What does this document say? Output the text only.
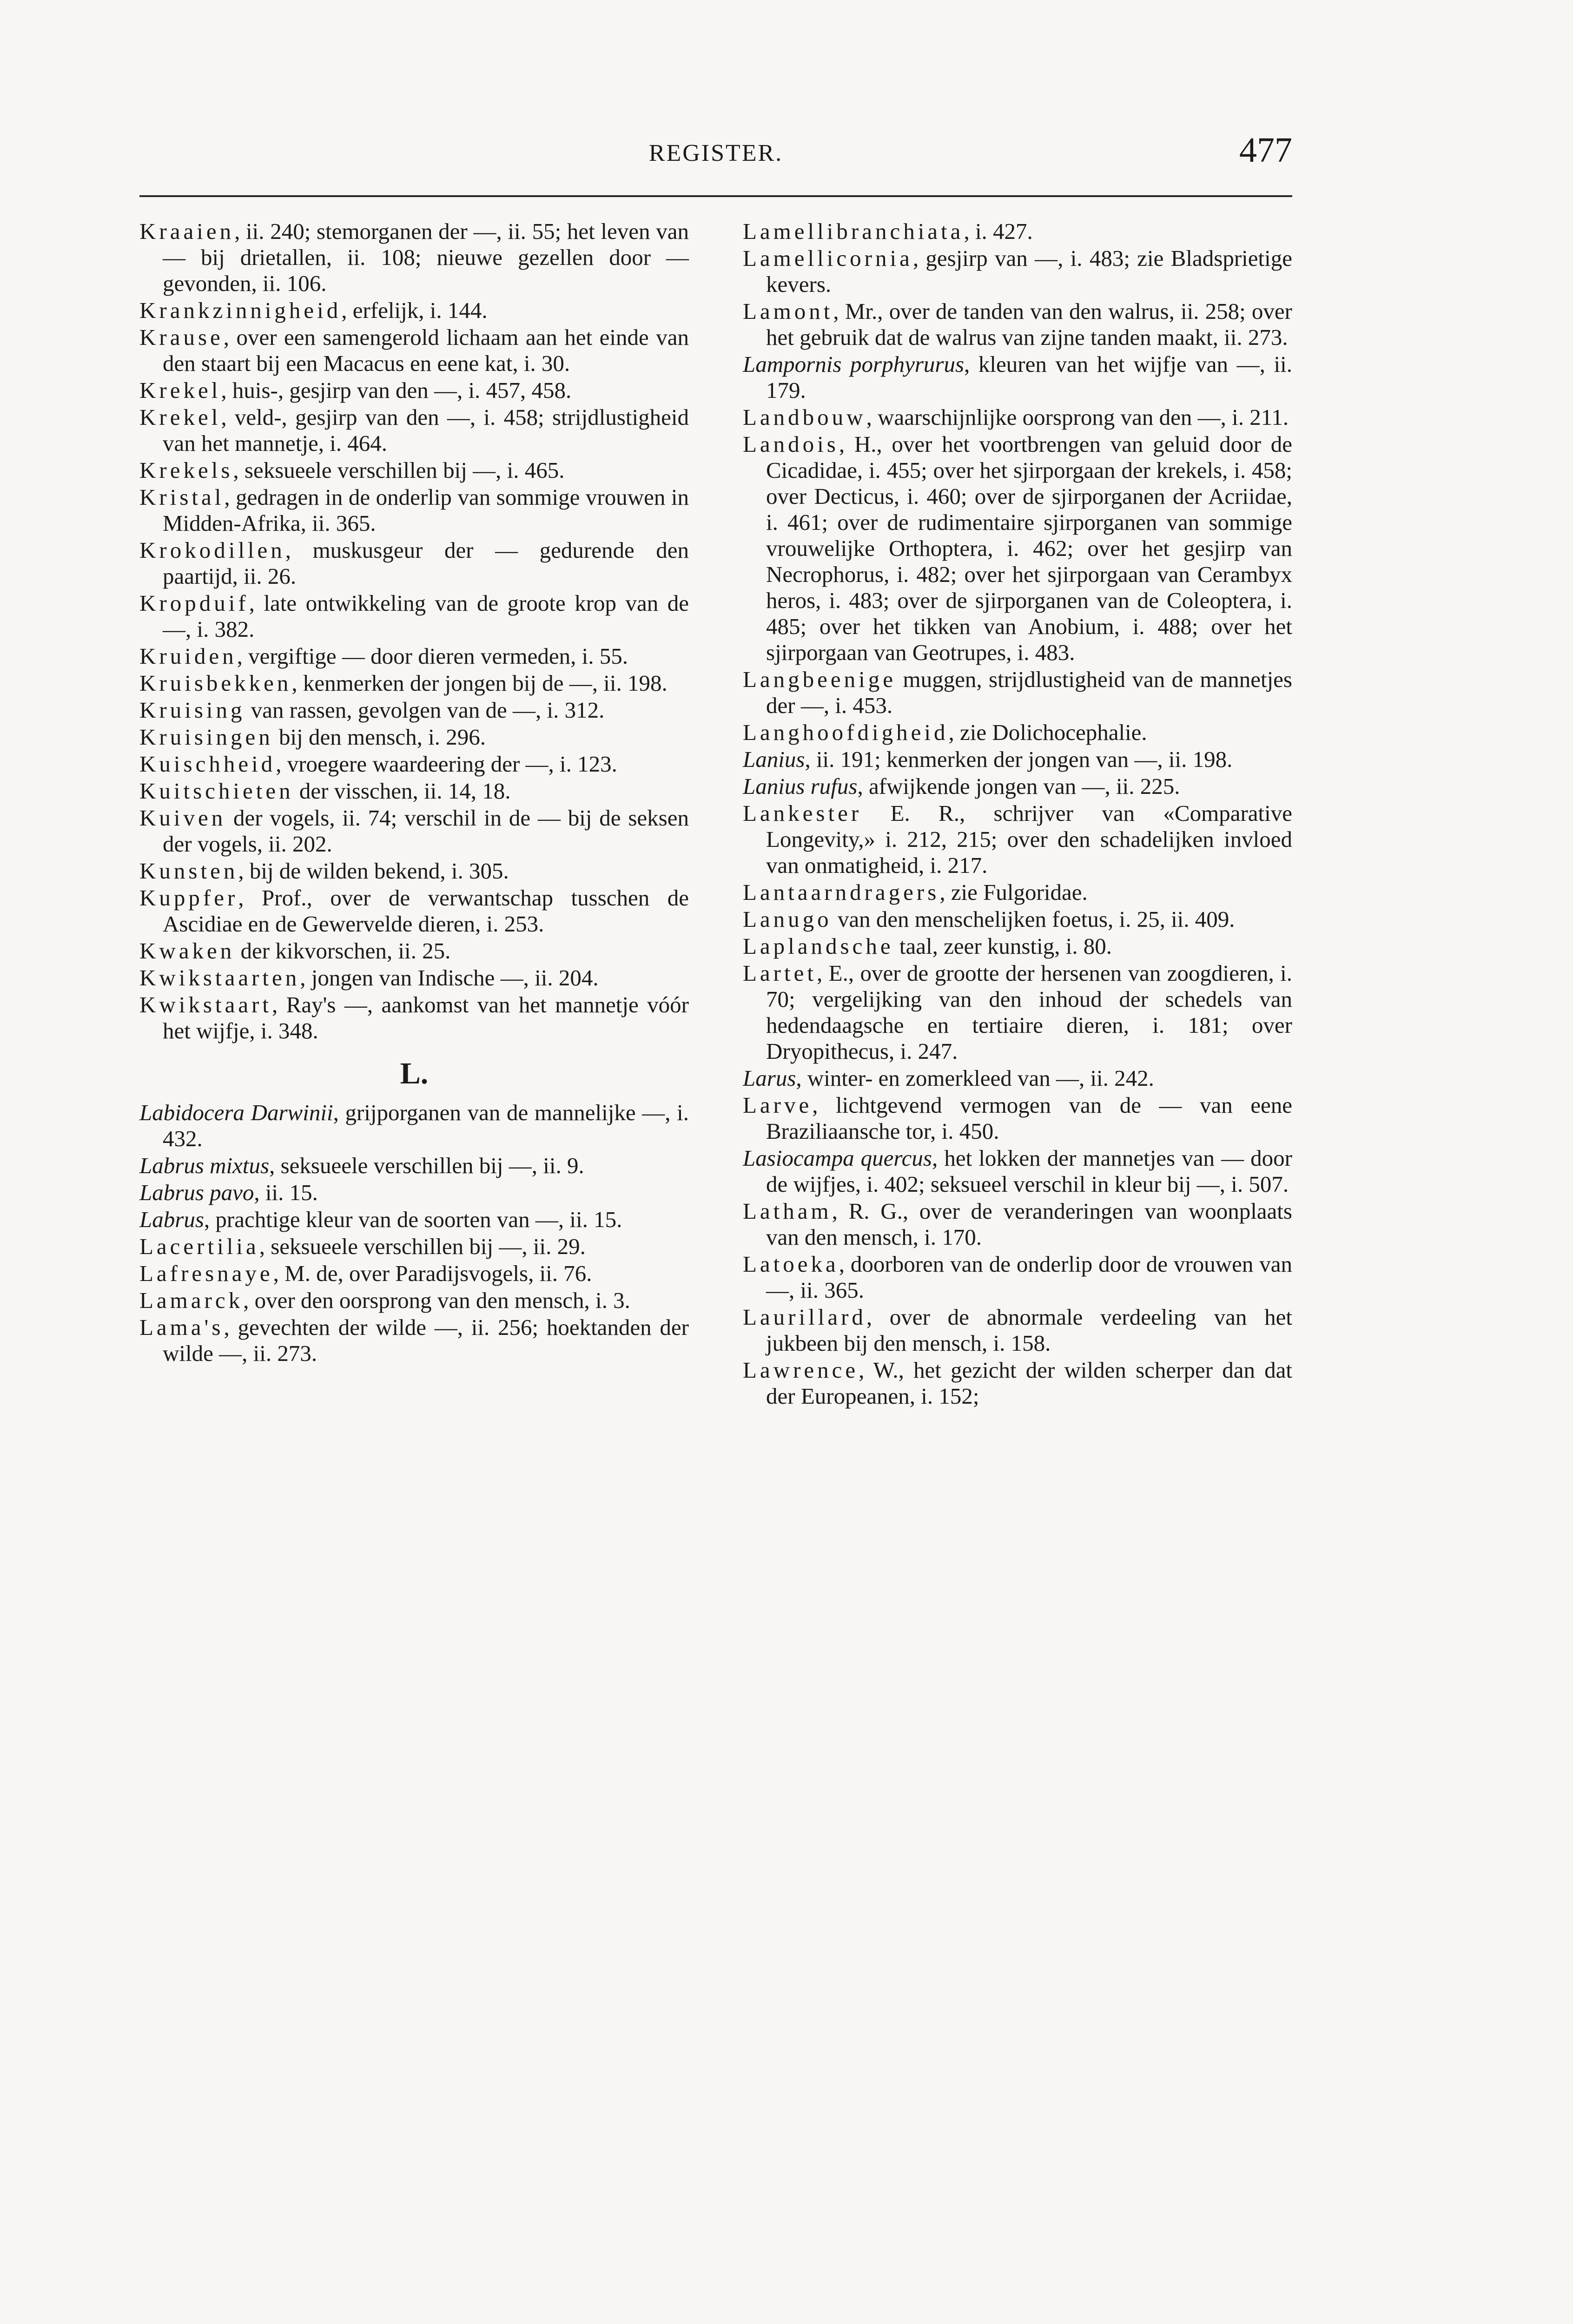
REGISTER.	477
Kraaien, ii. 240; stemorganen der —, ii. 55; het leven van — bij drietallen, ii. 108; nieuwe gezellen door — gevonden, ii. 106.
Krankzinnigheid, erfelijk, i. 144.
Krause, over een samengerold lichaam aan het einde van den staart bij een Macacus en eene kat, i. 30.
Krekel, huis-, gesjirp van den —, i. 457, 458.
Krekel, veld-, gesjirp van den —, i. 458; strijdlustigheid van het mannetje, i. 464.
Krekels, seksueele verschillen bij —, i. 465.
Kristal, gedragen in de onderlip van sommige vrouwen in Midden-Afrika, ii. 365.
Krokodillen, muskusgeur der — gedurende den paartijd, ii. 26.
Kropduif, late ontwikkeling van de groote krop van de —, i. 382.
Kruiden, vergiftige — door dieren vermeden, i. 55.
Kruisbekken, kenmerken der jongen bij de —, ii. 198.
Kruising van rassen, gevolgen van de —, i. 312.
Kruisingen bij den mensch, i. 296.
Kuischheid, vroegere waardeering der —, i. 123.
Kuitschieten der visschen, ii. 14, 18.
Kuiven der vogels, ii. 74; verschil in de — bij de seksen der vogels, ii. 202.
Kunsten, bij de wilden bekend, i. 305.
Kuppfer, Prof., over de verwantschap tusschen de Ascidiae en de Gewervelde dieren, i. 253.
Kwaken der kikvorschen, ii. 25.
Kwikstaarten, jongen van Indische —, ii. 204.
Kwikstaart, Ray's —, aankomst van het mannetje vóór het wijfje, i. 348.
L.
Labidocera Darwinii, grijporganen van de mannelijke —, i. 432.
Labrus mixtus, seksueele verschillen bij —, ii. 9.
Labrus pavo, ii. 15.
Labrus, prachtige kleur van de soorten van —, ii. 15.
Lacertilia, seksueele verschillen bij —, ii. 29.
Lafresnaye, M. de, over Paradijsvogels, ii. 76.
Lamarck, over den oorsprong van den mensch, i. 3.
Lama's, gevechten der wilde —, ii. 256; hoektanden der wilde —, ii. 273.
Lamellibranchiata, i. 427.
Lamellicornia, gesjirp van —, i. 483; zie Bladsprietige kevers.
Lamont, Mr., over de tanden van den walrus, ii. 258; over het gebruik dat de walrus van zijne tanden maakt, ii. 273.
Lampornis porphyrurus, kleuren van het wijfje van —, ii. 179.
Landbouw, waarschijnlijke oorsprong van den —, i. 211.
Landois, H., over het voortbrengen van geluid door de Cicadidae, i. 455; over het sjirporgaan der krekels, i. 458; over Decticus, i. 460; over de sjirporganen der Acriidae, i. 461; over de rudimentaire sjirporganen van sommige vrouwelijke Orthoptera, i. 462; over het gesjirp van Necrophorus, i. 482; over het sjirporgaan van Cerambyx heros, i. 483; over de sjirporganen van de Coleoptera, i. 485; over het tikken van Anobium, i. 488; over het sjirporgaan van Geotrupes, i. 483.
Langbeenige muggen, strijdlustigheid van de mannetjes der —, i. 453.
Langhoofdigheid, zie Dolichocephalie.
Lanius, ii. 191; kenmerken der jongen van —, ii. 198.
Lanius rufus, afwijkende jongen van —, ii. 225.
Lankester E. R., schrijver van «Comparative Longevity,» i. 212, 215; over den schadelijken invloed van onmatigheid, i. 217.
Lantaarndragers, zie Fulgoridae.
Lanugo van den menschelijken foetus, i. 25, ii. 409.
Laplandsche taal, zeer kunstig, i. 80.
Lartet, E., over de grootte der hersenen van zoogdieren, i. 70; vergelijking van den inhoud der schedels van hedendaagsche en tertiaire dieren, i. 181; over Dryopithecus, i. 247.
Larus, winter- en zomerkleed van —, ii. 242.
Larve, lichtgevend vermogen van de — van eene Braziliaansche tor, i. 450.
Lasiocampa quercus, het lokken der mannetjes van — door de wijfjes, i. 402; seksueel verschil in kleur bij —, i. 507.
Latham, R. G., over de veranderingen van woonplaats van den mensch, i. 170.
Latoeka, doorboren van de onderlip door de vrouwen van —, ii. 365.
Laurillard, over de abnormale verdeeling van het jukbeen bij den mensch, i. 158.
Lawrence, W., het gezicht der wilden scherper dan dat der Europeanen, i. 152;
